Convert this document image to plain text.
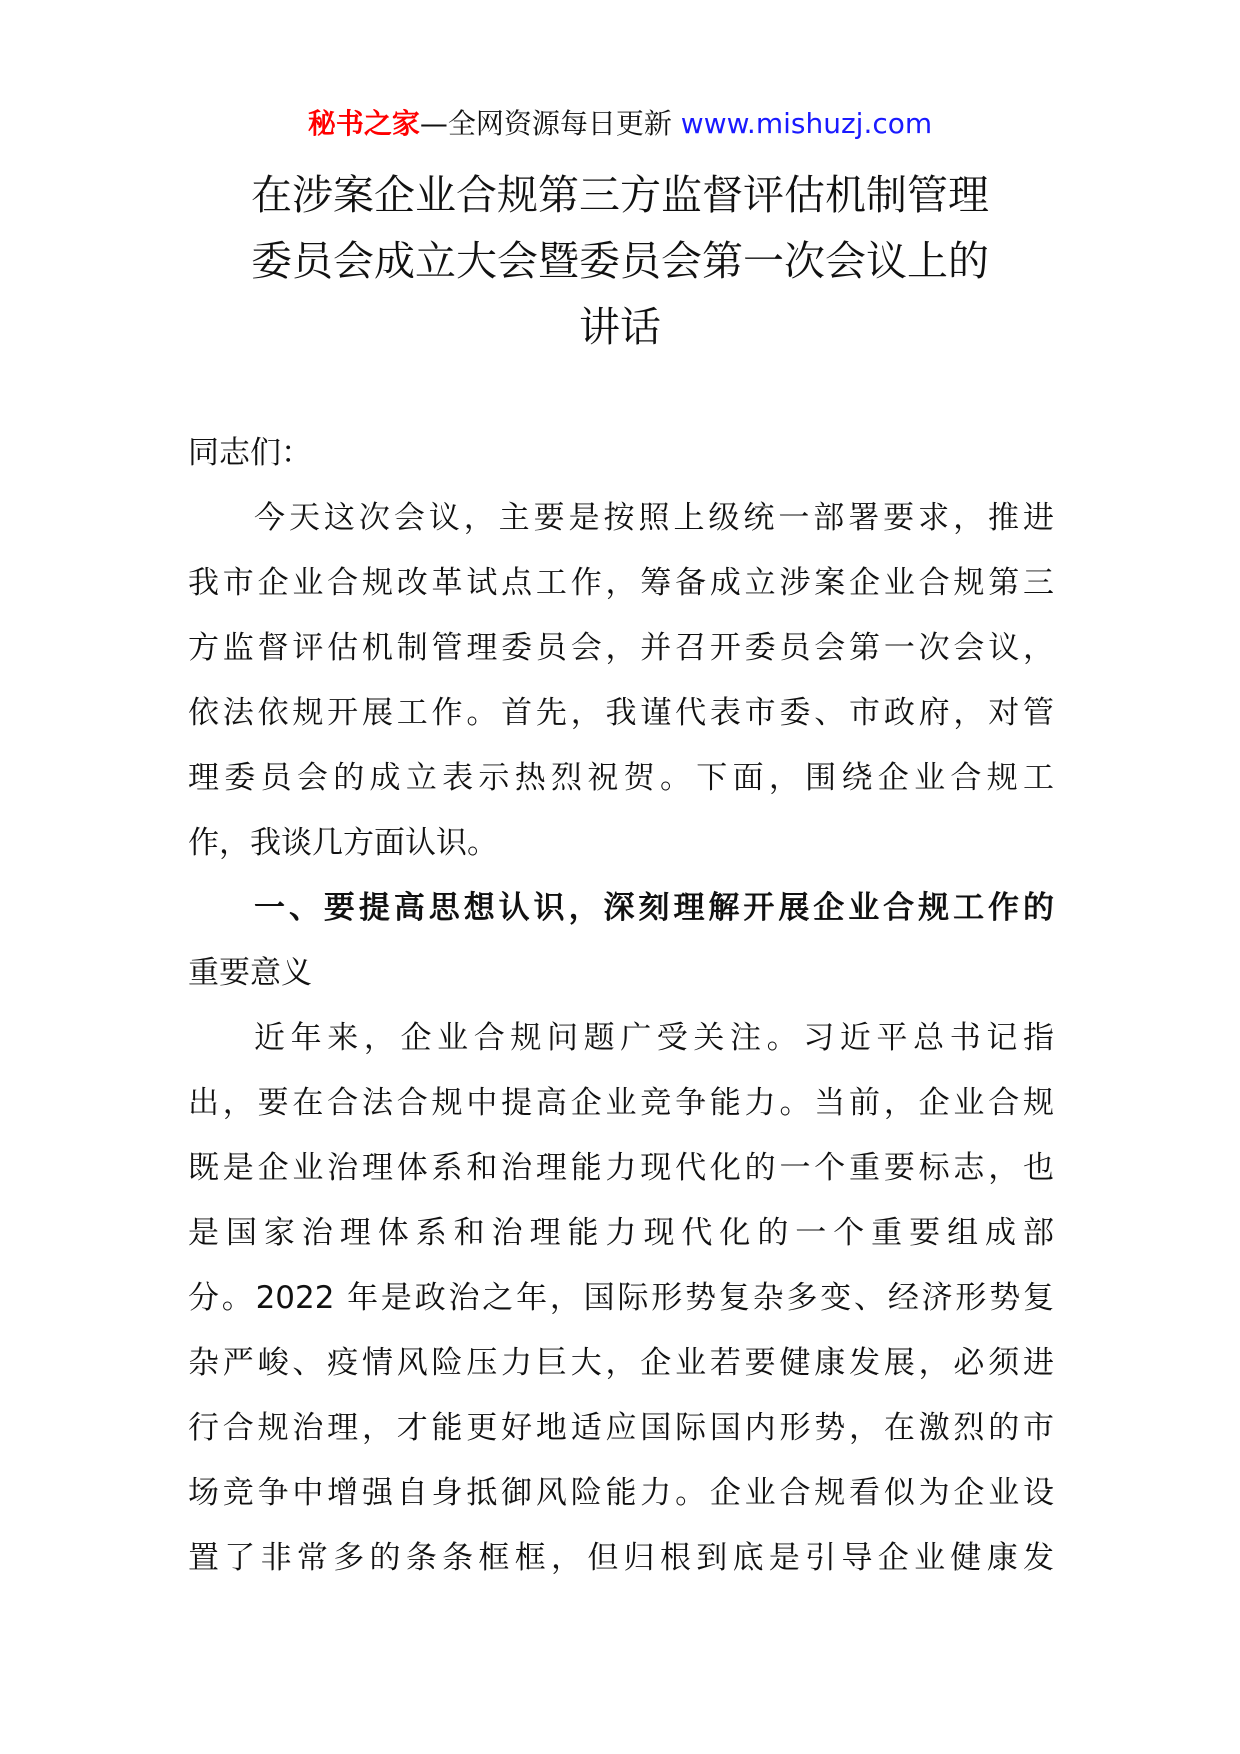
秘书之家—全网资源每日更新 www.mishuzj.com
在涉案企业合规第三方监督评估机制管理
委员会成立大会暨委员会第一次会议上的
讲话
同志们：
今天这次会议，主要是按照上级统一部署要求，推进
我市企业合规改革试点工作，筹备成立涉案企业合规第三
方监督评估机制管理委员会，并召开委员会第一次会议，
依法依规开展工作。首先，我谨代表市委、市政府，对管
理委员会的成立表示热烈祝贺。下面，围绕企业合规工
作，我谈几方面认识。
一、要提高思想认识，深刻理解开展企业合规工作的
重要意义
近年来，企业合规问题广受关注。习近平总书记指
出，要在合法合规中提高企业竞争能力。当前，企业合规
既是企业治理体系和治理能力现代化的一个重要标志，也
是国家治理体系和治理能力现代化的一个重要组成部
分。2022 年是政治之年，国际形势复杂多变、经济形势复
杂严峻、疫情风险压力巨大，企业若要健康发展，必须进
行合规治理，才能更好地适应国际国内形势，在激烈的市
场竞争中增强自身抵御风险能力。企业合规看似为企业设
置了非常多的条条框框，但归根到底是引导企业健康发
